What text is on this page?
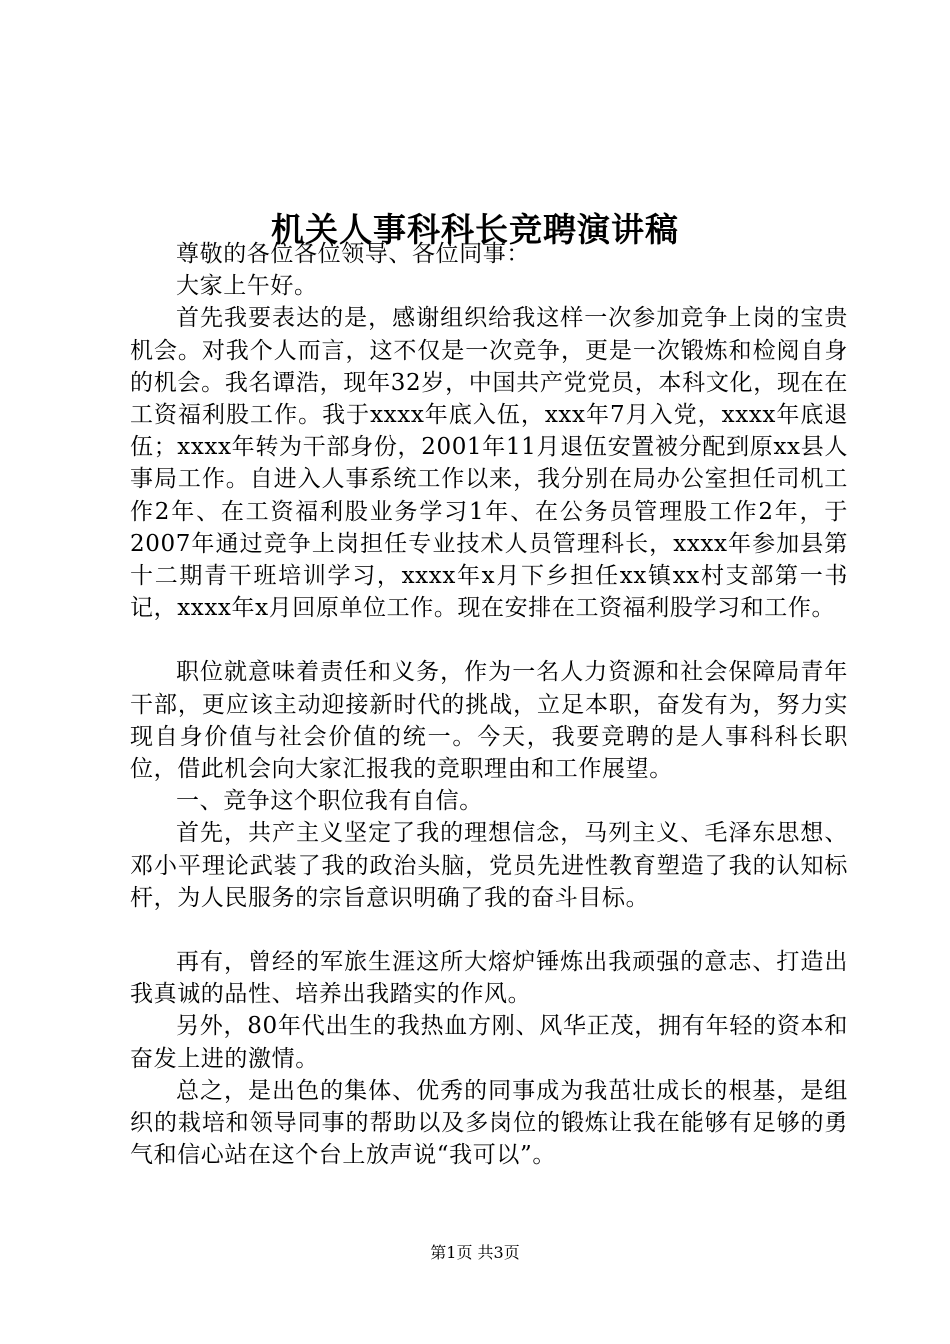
机关人事科科长竞聘演讲稿

尊敬的各位各位领导、各位同事：

大家上午好。

首先我要表达的是，感谢组织给我这样一次参加竞争上岗的宝贵机会。对我个人而言，这不仅是一次竞争，更是一次锻炼和检阅自身的机会。我名谭浩，现年32岁，中国共产党党员，本科文化，现在在工资福利股工作。我于xxxx年底入伍，xxx年7月入党，xxxx年底退伍；xxxx年转为干部身份，2001年11月退伍安置被分配到原xx县人事局工作。自进入人事系统工作以来，我分别在局办公室担任司机工作2年、在工资福利股业务学习1年、在公务员管理股工作2年，于2007年通过竞争上岗担任专业技术人员管理科长，xxxx年参加县第十二期青干班培训学习，xxxx年x月下乡担任xx镇xx村支部第一书记，xxxx年x月回原单位工作。现在安排在工资福利股学习和工作。

职位就意味着责任和义务，作为一名人力资源和社会保障局青年干部，更应该主动迎接新时代的挑战，立足本职，奋发有为，努力实现自身价值与社会价值的统一。今天，我要竞聘的是人事科科长职位，借此机会向大家汇报我的竞职理由和工作展望。

一、竞争这个职位我有自信。

首先，共产主义坚定了我的理想信念，马列主义、毛泽东思想、邓小平理论武装了我的政治头脑，党员先进性教育塑造了我的认知标杆，为人民服务的宗旨意识明确了我的奋斗目标。

再有，曾经的军旅生涯这所大熔炉锤炼出我顽强的意志、打造出我真诚的品性、培养出我踏实的作风。

另外，80年代出生的我热血方刚、风华正茂，拥有年轻的资本和奋发上进的激情。

总之，是出色的集体、优秀的同事成为我茁壮成长的根基，是组织的栽培和领导同事的帮助以及多岗位的锻炼让我在能够有足够的勇气和信心站在这个台上放声说“我可以”。

第1页 共3页
